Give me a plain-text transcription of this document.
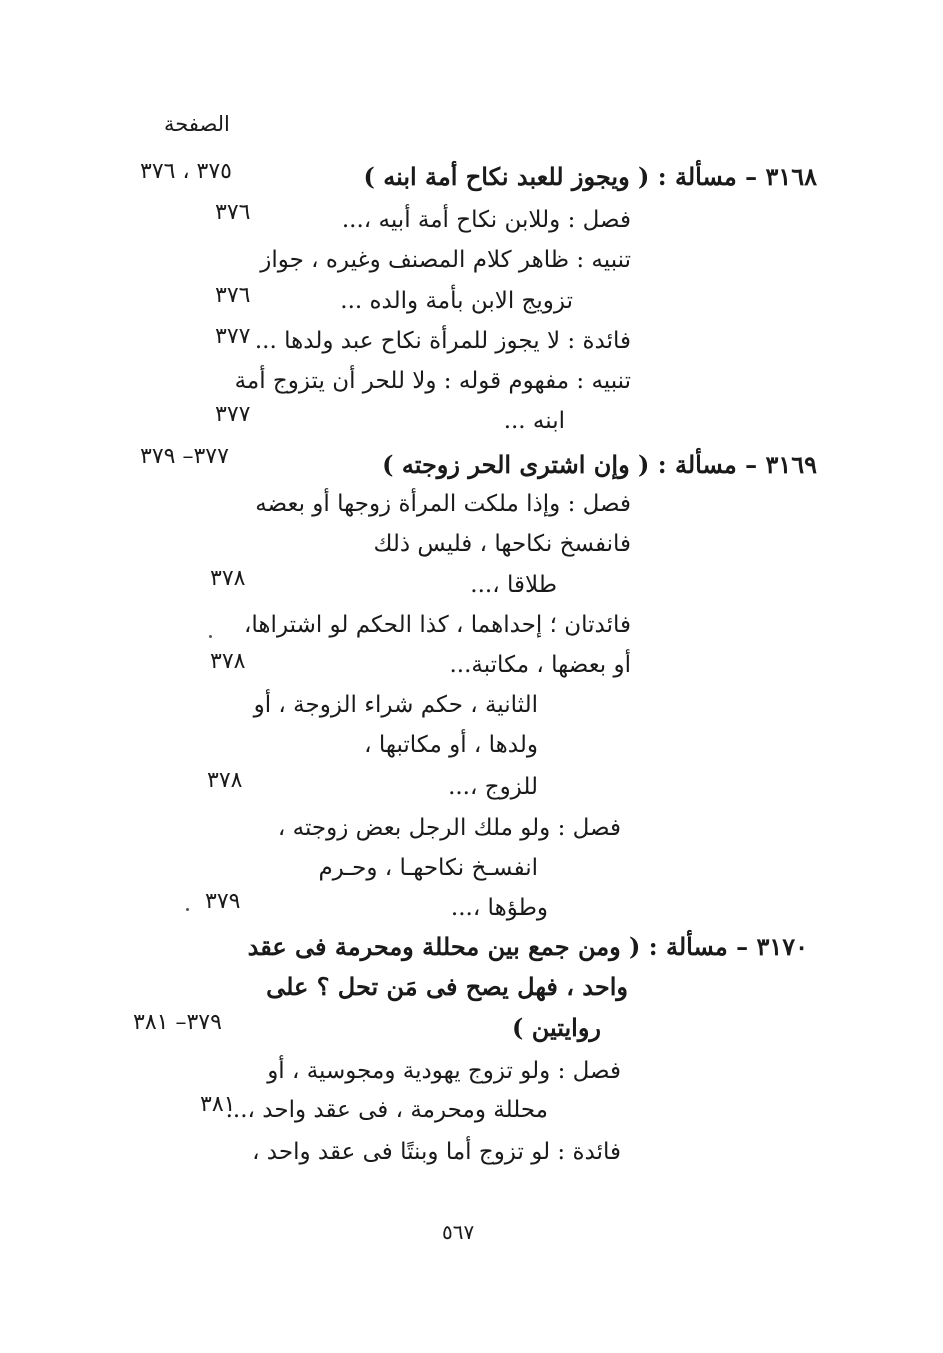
الصفحة
٣١٦٨ – مسألة : ( ويجوز للعبد نكاح أمة ابنه )
٣٧٥ ، ٣٧٦
فصل : وللابن نكاح أمة أبيه ،...
٣٧٦
تنبيه : ظاهر كلام المصنف وغيره ، جواز
تزويج الابن بأمة والده ...
٣٧٦
فائدة : لا يجوز للمرأة نكاح عبد ولدها ...
٣٧٧
تنبيه : مفهوم قوله : ولا للحر أن يتزوج أمة
ابنه ...
٣٧٧
٣١٦٩ – مسألة : ( وإن اشترى الحر زوجته )
٣٧٧– ٣٧٩
فصل : وإذا ملكت المرأة زوجها أو بعضه
فانفسخ نكاحها ، فليس ذلك
طلاقا ،...
٣٧٨
فائدتان ؛ إحداهما ، كذا الحكم لو اشتراها،
أو بعضها ، مكاتبة...
٣٧٨
الثانية ، حكم شراء الزوجة ، أو
ولدها ، أو مكاتبها ،
للزوج ،...
٣٧٨
فصل : ولو ملك الرجل بعض زوجته ،
انفسـخ نكاحهـا ، وحـرم
وطؤها ،...
٣٧٩
٣١٧٠ – مسألة : ( ومن جمع بين محللة ومحرمة فى عقد
واحد ، فهل يصح فى مَن تحل ؟ على
روايتين )
٣٧٩– ٣٨١
فصل : ولو تزوج يهودية ومجوسية ، أو
محللة ومحرمة ، فى عقد واحد ،...
٣٨١
فائدة : لو تزوج أما وبنتًا فى عقد واحد ،
٥٦٧
